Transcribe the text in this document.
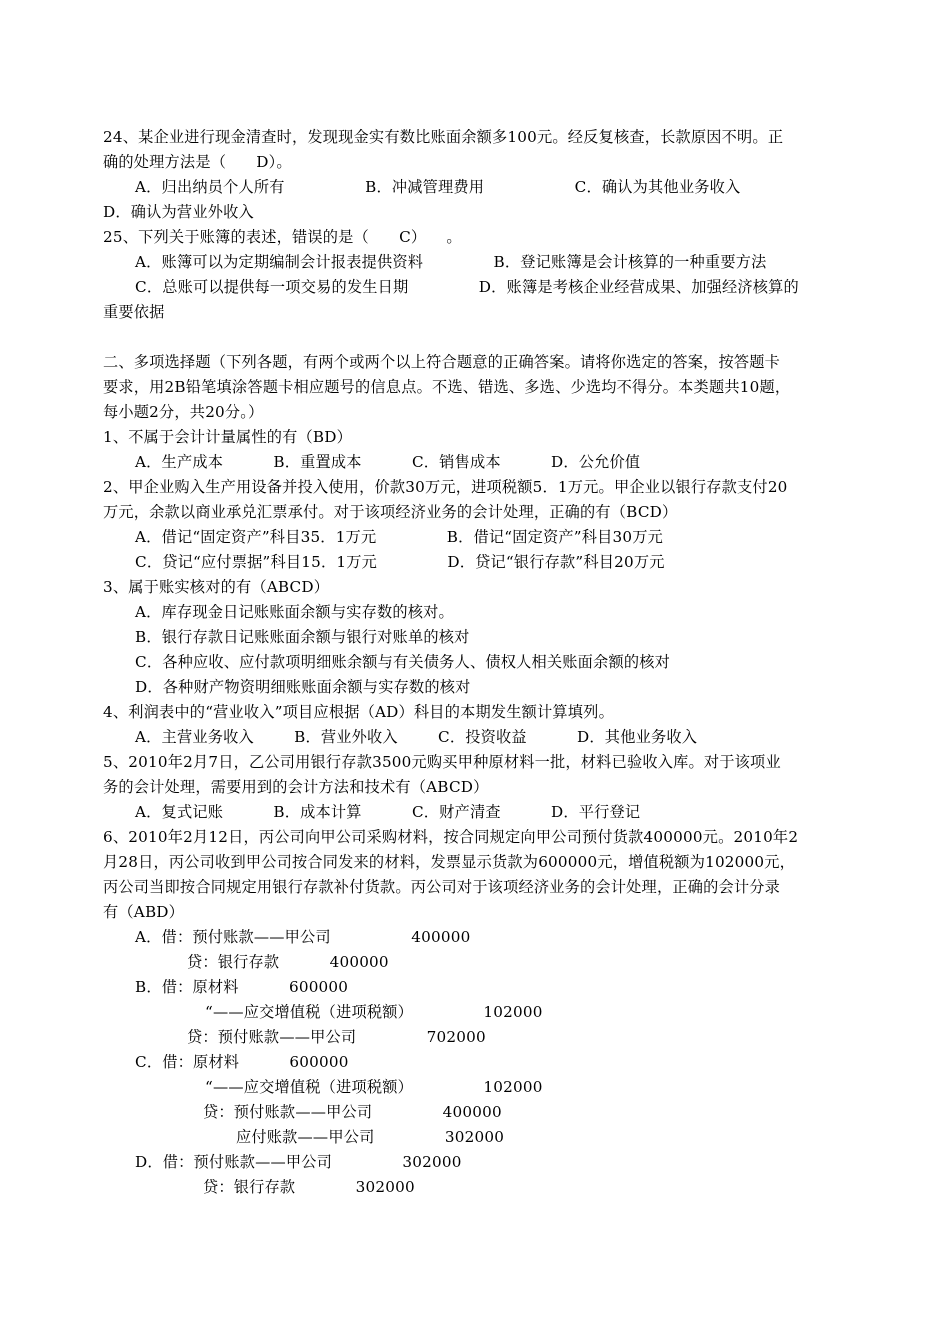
24、某企业进行现金清查时，发现现金实有数比账面余额多100元。经反复核查，长款原因不明。正
确的处理方法是（      D）。
A．归出纳员个人所有                B．冲减管理费用                  C．确认为其他业务收入
D．确认为营业外收入
25、下列关于账簿的表述，错误的是（      C）    。
A．账簿可以为定期编制会计报表提供资料              B．登记账簿是会计核算的一种重要方法
C．总账可以提供每一项交易的发生日期              D．账簿是考核企业经营成果、加强经济核算的
重要依据
二、多项选择题（下列各题，有两个或两个以上符合题意的正确答案。请将你选定的答案，按答题卡
要求，用2B铅笔填涂答题卡相应题号的信息点。不选、错选、多选、少选均不得分。本类题共10题，
每小题2分，共20分。）
1、不属于会计计量属性的有（BD）
A．生产成本          B．重置成本          C．销售成本          D．公允价值
2、甲企业购入生产用设备并投入使用，价款30万元，进项税额5．1万元。甲企业以银行存款支付20
万元，余款以商业承兑汇票承付。对于该项经济业务的会计处理，正确的有（BCD）
A．借记“固定资产”科目35．1万元              B．借记“固定资产”科目30万元
C．贷记“应付票据”科目15．1万元              D．贷记“银行存款”科目20万元
3、属于账实核对的有（ABCD）
A．库存现金日记账账面余额与实存数的核对。
B．银行存款日记账账面余额与银行对账单的核对
C．各种应收、应付款项明细账余额与有关债务人、债权人相关账面余额的核对
D．各种财产物资明细账账面余额与实存数的核对
4、利润表中的“营业收入”项目应根据（AD）科目的本期发生额计算填列。
A．主营业务收入        B．营业外收入        C．投资收益          D．其他业务收入
5、2010年2月7日，乙公司用银行存款3500元购买甲种原材料一批，材料已验收入库。对于该项业
务的会计处理，需要用到的会计方法和技术有（ABCD）
A．复式记账          B．成本计算          C．财产清查          D．平行登记
6、2010年2月12日，丙公司向甲公司采购材料，按合同规定向甲公司预付货款400000元。2010年2
月28日，丙公司收到甲公司按合同发来的材料，发票显示货款为600000元，增值税额为102000元，
丙公司当即按合同规定用银行存款补付货款。丙公司对于该项经济业务的会计处理，正确的会计分录
有（ABD）
A．借：预付账款——甲公司                400000
贷：银行存款          400000
B．借：原材料          600000
“——应交增值税（进项税额）              102000
贷：预付账款——甲公司              702000
C．借：原材料          600000
“——应交增值税（进项税额）              102000
贷：预付账款——甲公司              400000
应付账款——甲公司              302000
D．借：预付账款——甲公司              302000
贷：银行存款            302000
